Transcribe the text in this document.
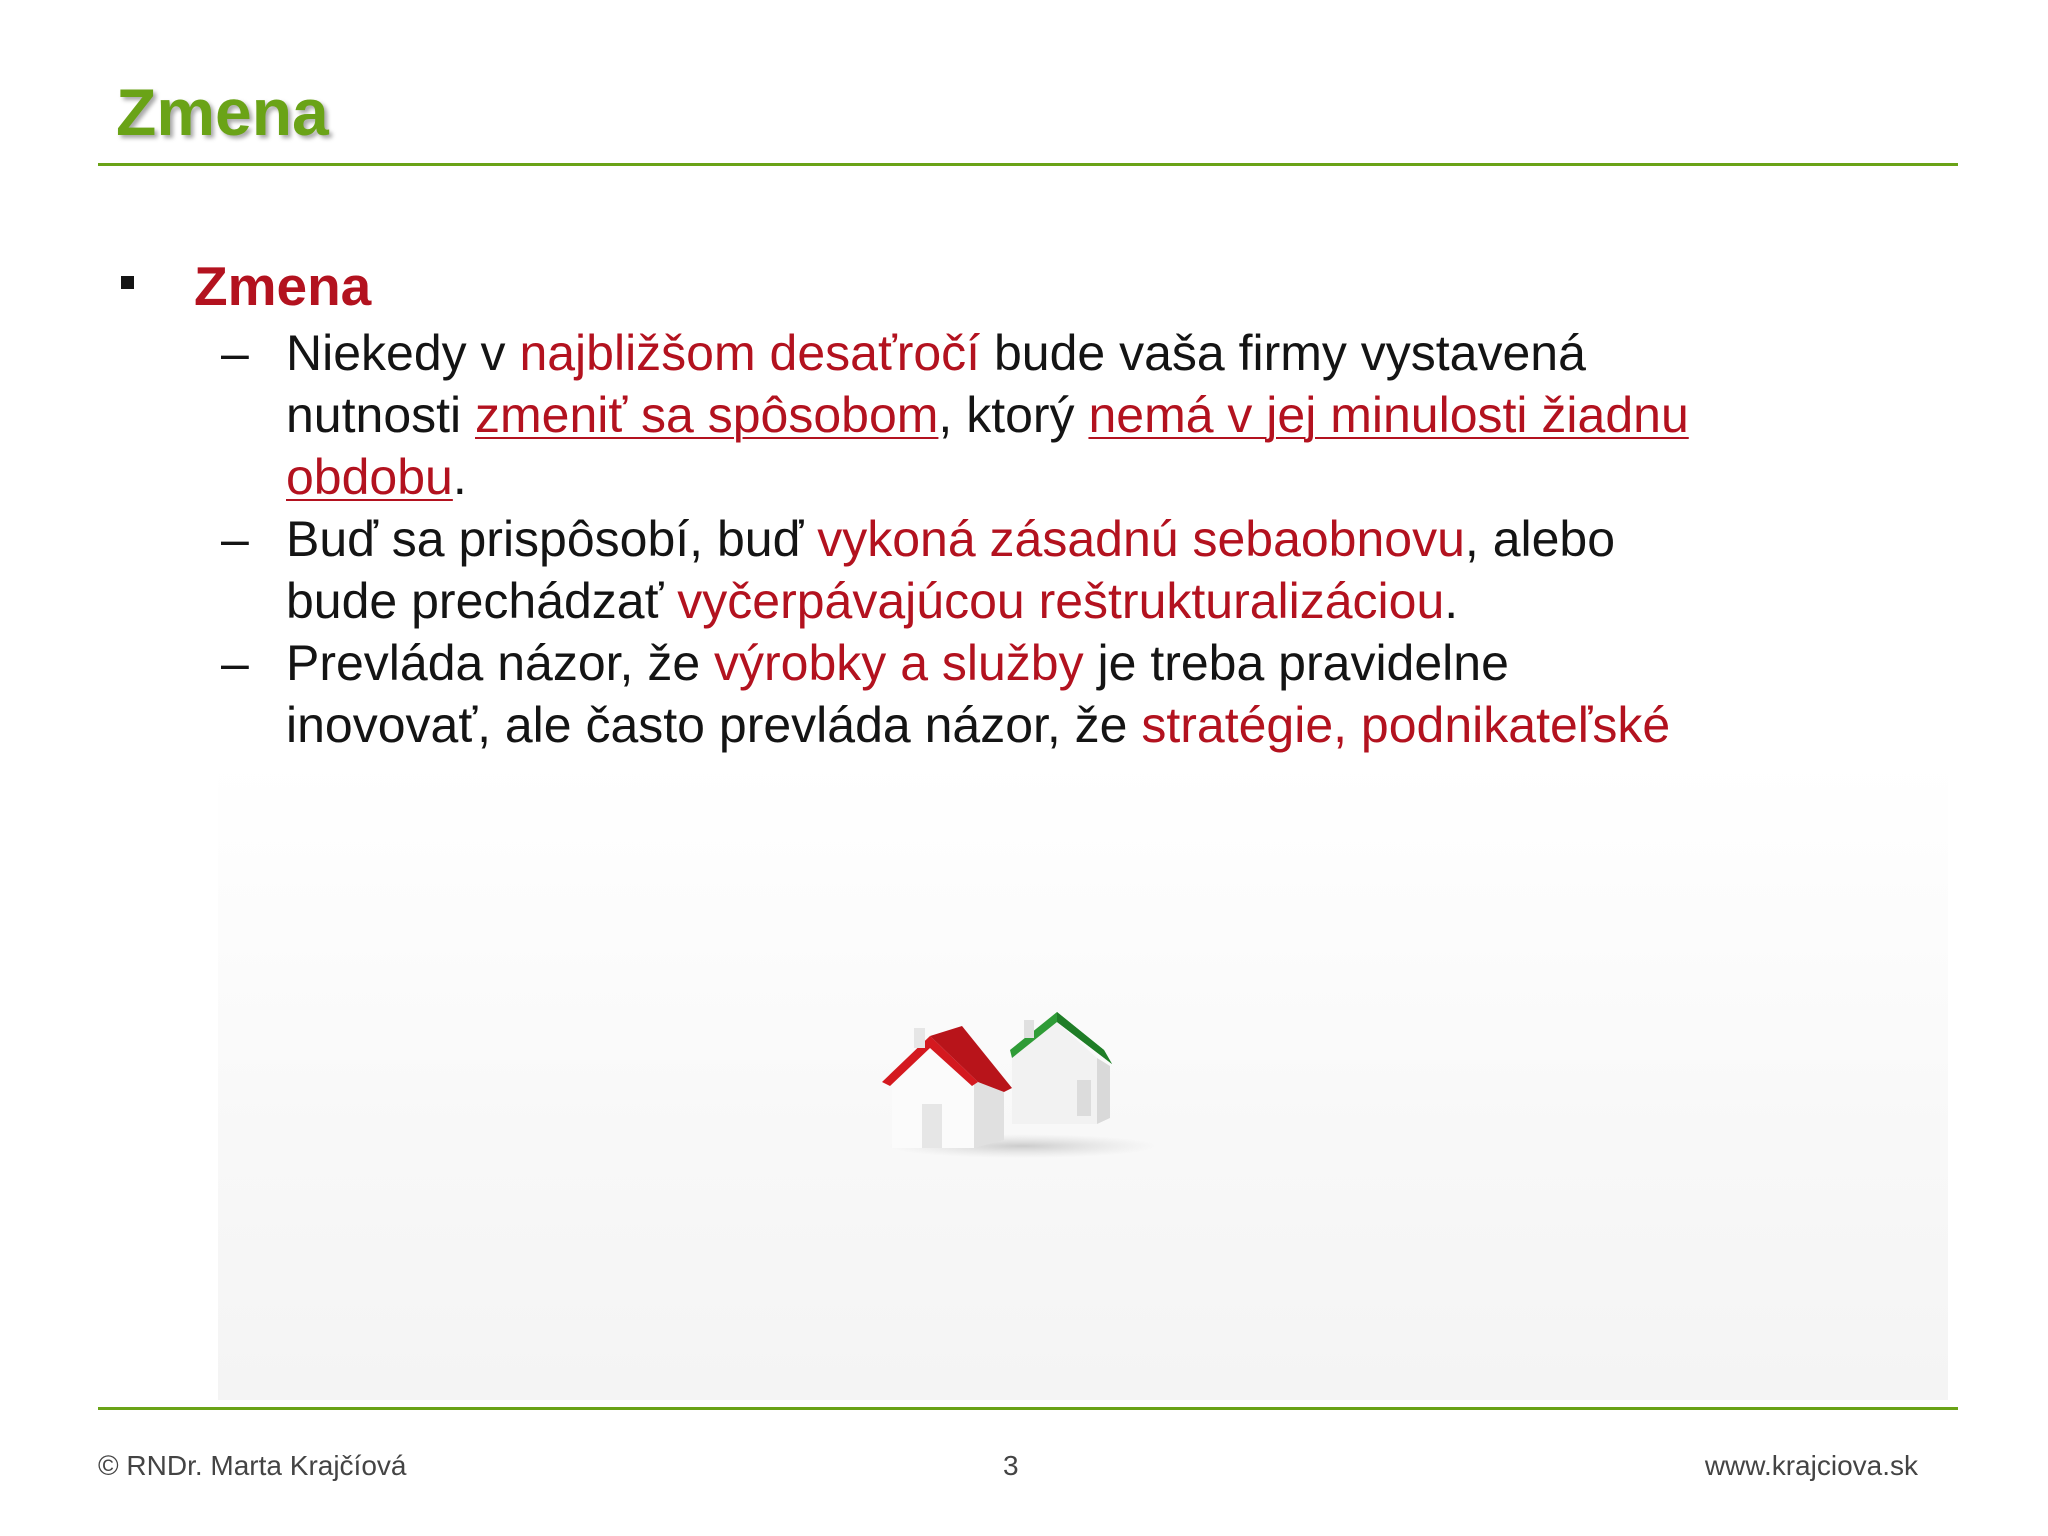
Zmena
Zmena
– Niekedy v najbližšom desaťročí bude vaša firmy vystavená nutnosti zmeniť sa spôsobom, ktorý nemá v jej minulosti žiadnu obdobu.
– Buď sa prispôsobí, buď vykoná zásadnú sebaobnovu, alebo bude prechádzať vyčerpávajúcou reštrukturalizáciou.
– Prevláda názor, že výrobky a služby je treba pravidelne inovovať, ale často prevláda názor, že stratégie, podnikateľské
© RNDr. Marta Krajčíová	3	www.krajciova.sk
